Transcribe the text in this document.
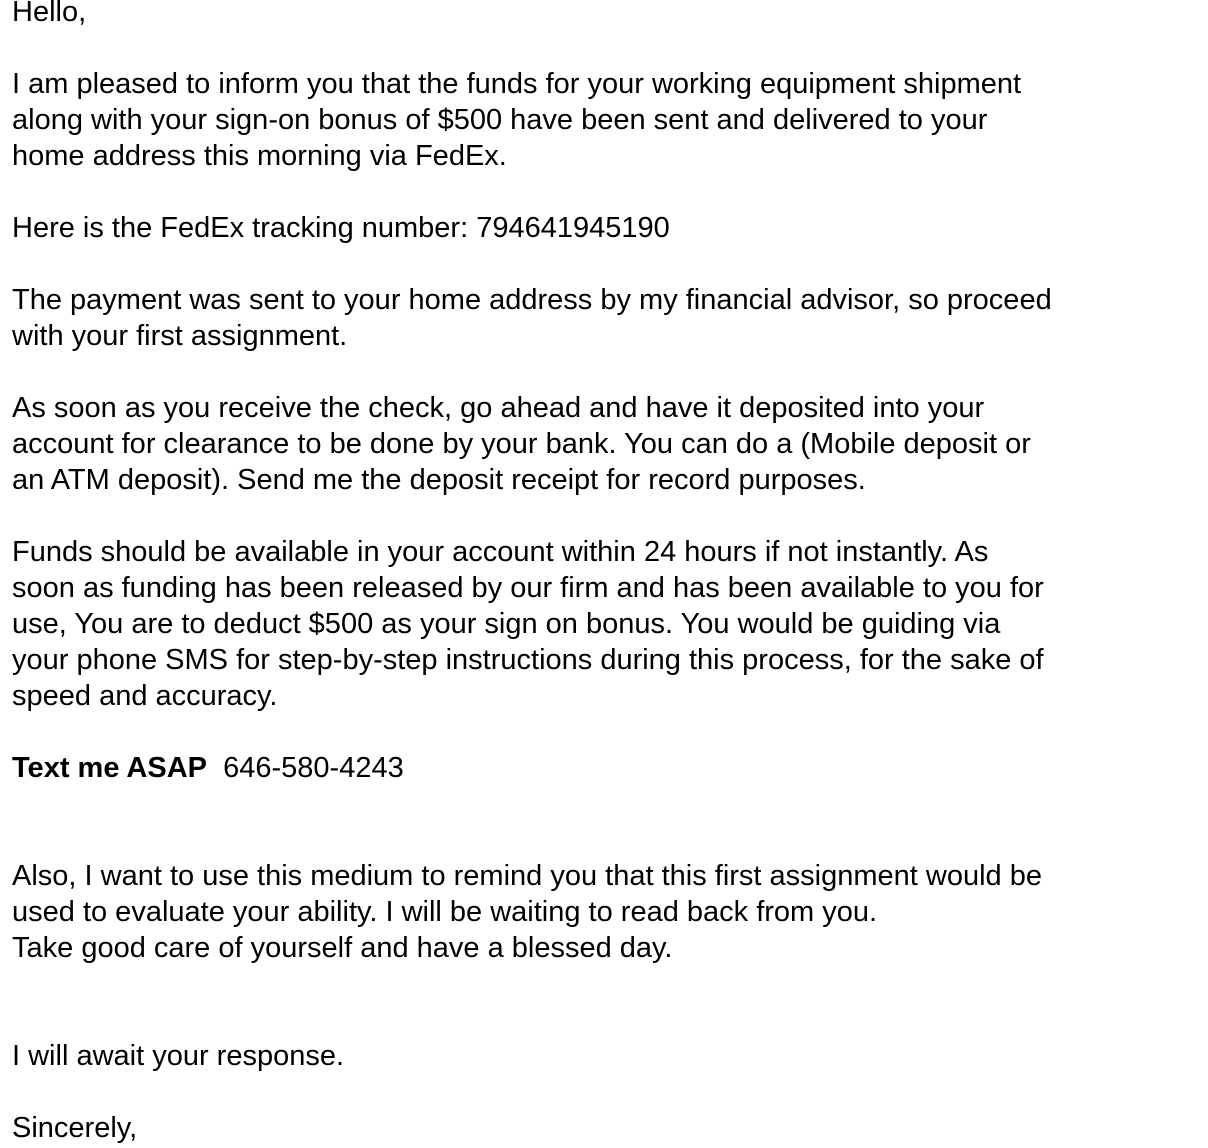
Hello,
I am pleased to inform you that the funds for your working equipment shipment
along with your sign-on bonus of $500 have been sent and delivered to your
home address this morning via FedEx.
Here is the FedEx tracking number: 794641945190
The payment was sent to your home address by my financial advisor, so proceed
with your first assignment.
As soon as you receive the check, go ahead and have it deposited into your
account for clearance to be done by your bank. You can do a (Mobile deposit or
an ATM deposit). Send me the deposit receipt for record purposes.
Funds should be available in your account within 24 hours if not instantly. As
soon as funding has been released by our firm and has been available to you for
use, You are to deduct $500 as your sign on bonus. You would be guiding via
your phone SMS for step-by-step instructions during this process, for the sake of
speed and accuracy.
Text me ASAP 646-580-4243
Also, I want to use this medium to remind you that this first assignment would be
used to evaluate your ability. I will be waiting to read back from you.
Take good care of yourself and have a blessed day.
I will await your response.
Sincerely,
